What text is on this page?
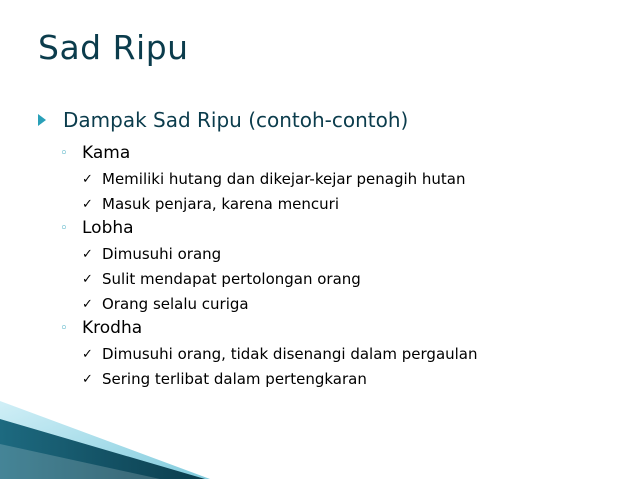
Sad Ripu
Dampak Sad Ripu (contoh-contoh)
◦ Kama
✓ Memiliki hutang dan dikejar-kejar penagih hutan
✓ Masuk penjara, karena mencuri
◦ Lobha
✓ Dimusuhi orang
✓ Sulit mendapat pertolongan orang
✓ Orang selalu curiga
◦ Krodha
✓ Dimusuhi orang, tidak disenangi dalam pergaulan
✓ Sering terlibat dalam pertengkaran
